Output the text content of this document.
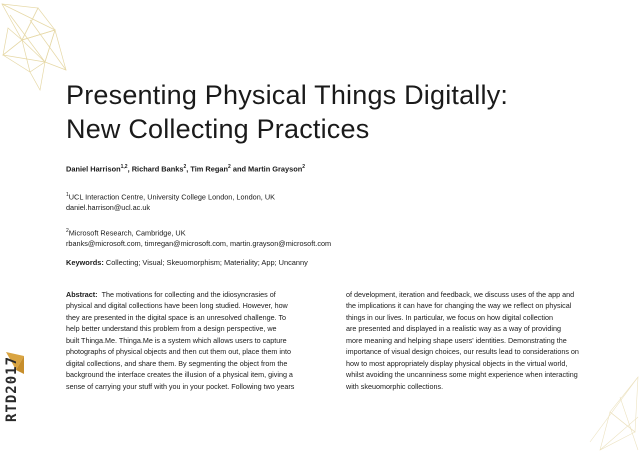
RTD2017
Presenting Physical Things Digitally:
New Collecting Practices
Daniel Harrison$^{1,2}$, Richard Banks$^2$, Tim Regan$^2$ and Martin Grayson$^2$
$^1$UCL Interaction Centre, University College London, London, UK
daniel.harrison@ucl.ac.uk
$^2$Microsoft Research, Cambridge, UK
rbanks@microsoft.com, timregan@microsoft.com, martin.grayson@microsoft.com
Keywords: Collecting; Visual; Skeuomorphism; Materiality; App; Uncanny
Abstract: The motivations for collecting and the idiosyncrasies of
physical and digital collections have been long studied. However, how
they are presented in the digital space is an unresolved challenge. To
help better understand this problem from a design perspective, we
built Thinga.Me. Thinga.Me is a system which allows users to capture
photographs of physical objects and then cut them out, place them into
digital collections, and share them. By segmenting the object from the
background the interface creates the illusion of a physical item, giving a
sense of carrying your stuff with you in your pocket. Following two years
of development, iteration and feedback, we discuss uses of the app and
the implications it can have for changing the way we reflect on physical
things in our lives. In particular, we focus on how digital collection
are presented and displayed in a realistic way as a way of providing
more meaning and helping shape users' identities. Demonstrating the
importance of visual design choices, our results lead to considerations on
how to most appropriately display physical objects in the virtual world,
whilst avoiding the uncanniness some might experience when interacting
with skeuomorphic collections.
